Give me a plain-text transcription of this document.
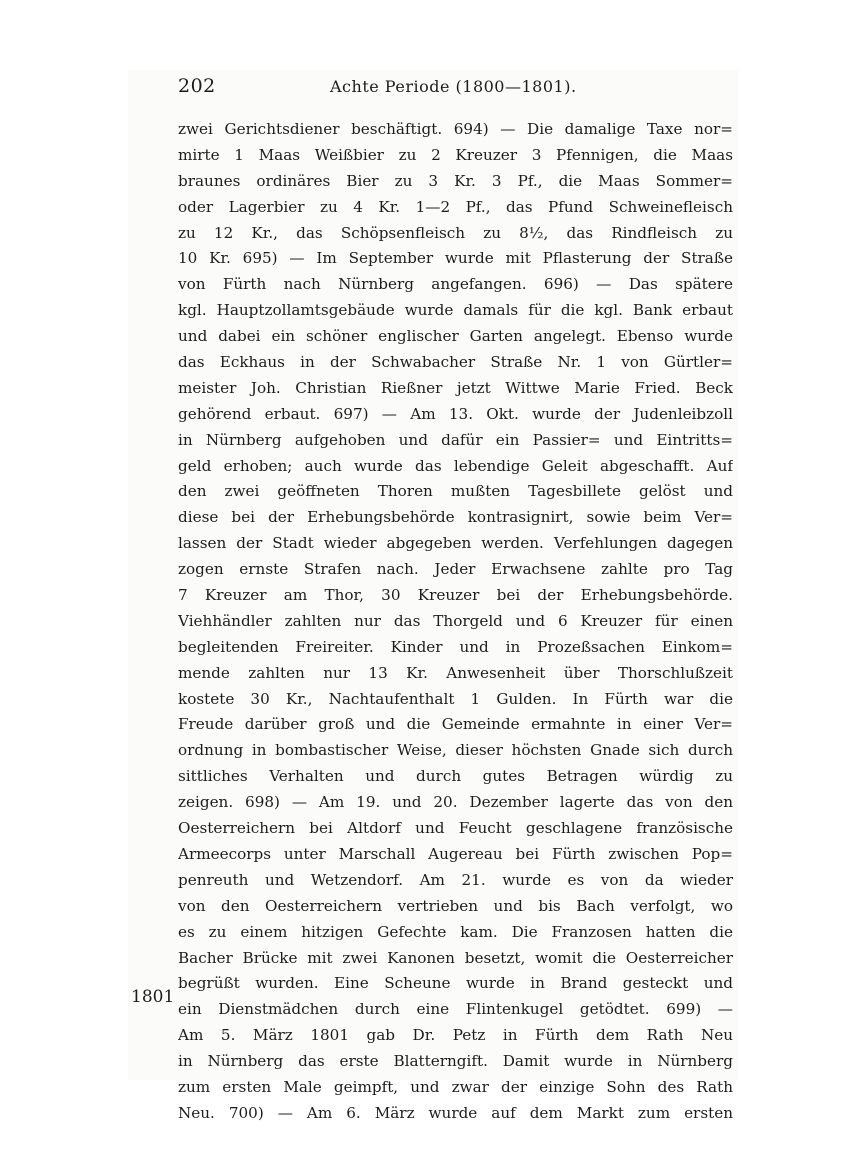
202	Achte Periode (1800—1801).
1801
zwei Gerichtsdiener beschäftigt. 694) — Die damalige Taxe nor=
mirte 1 Maas Weißbier zu 2 Kreuzer 3 Pfennigen, die Maas
braunes ordinäres Bier zu 3 Kr. 3 Pf., die Maas Sommer=
oder Lagerbier zu 4 Kr. 1—2 Pf., das Pfund Schweinefleisch
zu 12 Kr., das Schöpsenfleisch zu 8½, das Rindfleisch zu
10 Kr. 695) — Im September wurde mit Pflasterung der Straße
von Fürth nach Nürnberg angefangen. 696) — Das spätere
kgl. Hauptzollamtsgebäude wurde damals für die kgl. Bank erbaut
und dabei ein schöner englischer Garten angelegt. Ebenso wurde
das Eckhaus in der Schwabacher Straße Nr. 1 von Gürtler=
meister Joh. Christian Rießner jetzt Wittwe Marie Fried. Beck
gehörend erbaut. 697) — Am 13. Okt. wurde der Judenleibzoll
in Nürnberg aufgehoben und dafür ein Passier= und Eintritts=
geld erhoben; auch wurde das lebendige Geleit abgeschafft. Auf
den zwei geöffneten Thoren mußten Tagesbillete gelöst und
diese bei der Erhebungsbehörde kontrasignirt, sowie beim Ver=
lassen der Stadt wieder abgegeben werden. Verfehlungen dagegen
zogen ernste Strafen nach. Jeder Erwachsene zahlte pro Tag
7 Kreuzer am Thor, 30 Kreuzer bei der Erhebungsbehörde.
Viehhändler zahlten nur das Thorgeld und 6 Kreuzer für einen
begleitenden Freireiter. Kinder und in Prozeßsachen Einkom=
mende zahlten nur 13 Kr. Anwesenheit über Thorschlußzeit
kostete 30 Kr., Nachtaufenthalt 1 Gulden. In Fürth war die
Freude darüber groß und die Gemeinde ermahnte in einer Ver=
ordnung in bombastischer Weise, dieser höchsten Gnade sich durch
sittliches Verhalten und durch gutes Betragen würdig zu
zeigen. 698) — Am 19. und 20. Dezember lagerte das von den
Oesterreichern bei Altdorf und Feucht geschlagene französische
Armeecorps unter Marschall Augereau bei Fürth zwischen Pop=
penreuth und Wetzendorf. Am 21. wurde es von da wieder
von den Oesterreichern vertrieben und bis Bach verfolgt, wo
es zu einem hitzigen Gefechte kam. Die Franzosen hatten die
Bacher Brücke mit zwei Kanonen besetzt, womit die Oesterreicher
begrüßt wurden. Eine Scheune wurde in Brand gesteckt und
ein Dienstmädchen durch eine Flintenkugel getödtet. 699) —
Am 5. März 1801 gab Dr. Petz in Fürth dem Rath Neu
in Nürnberg das erste Blatterngift. Damit wurde in Nürnberg
zum ersten Male geimpft, und zwar der einzige Sohn des Rath
Neu. 700) — Am 6. März wurde auf dem Markt zum ersten
